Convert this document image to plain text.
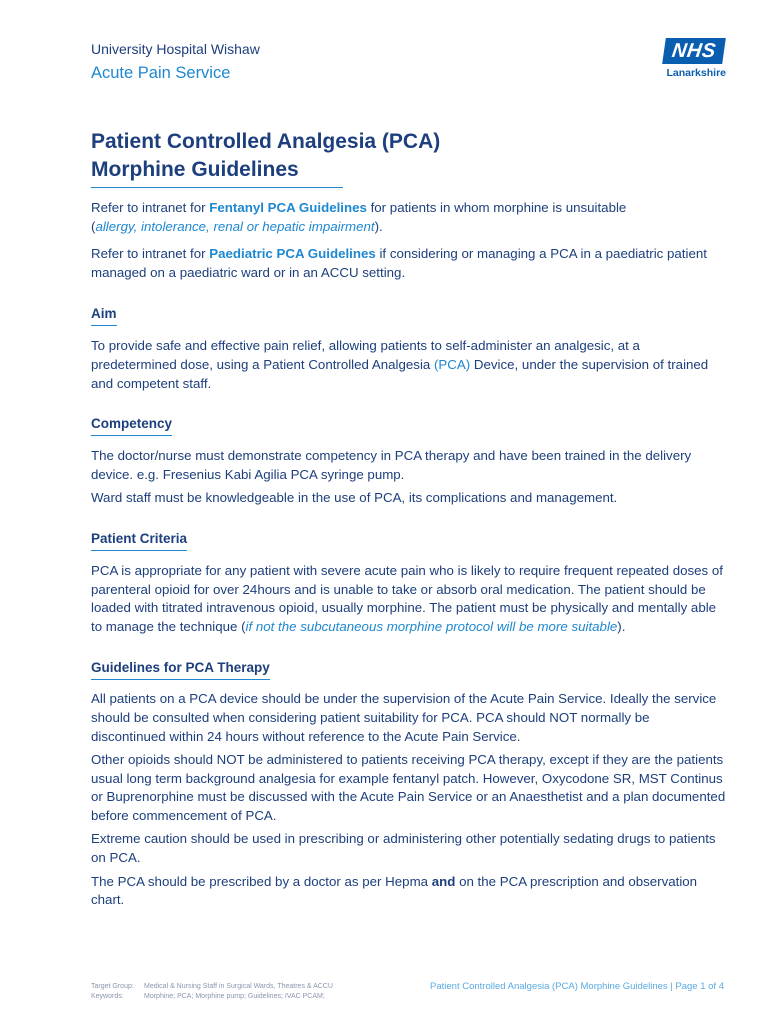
University Hospital Wishaw
Acute Pain Service
NHS
Lanarkshire
Patient Controlled Analgesia (PCA)
Morphine Guidelines

Refer to intranet for Fentanyl PCA Guidelines for patients in whom morphine is unsuitable
(allergy, intolerance, renal or hepatic impairment).

Refer to intranet for Paediatric PCA Guidelines if considering or managing a PCA in a paediatric patient managed on a paediatric ward or in an ACCU setting.

Aim

To provide safe and effective pain relief, allowing patients to self-administer an analgesic, at a predetermined dose, using a Patient Controlled Analgesia (PCA) Device, under the supervision of trained and competent staff.

Competency

The doctor/nurse must demonstrate competency in PCA therapy and have been trained in the delivery device. e.g. Fresenius Kabi Agilia PCA syringe pump.

Ward staff must be knowledgeable in the use of PCA, its complications and management.

Patient Criteria

PCA is appropriate for any patient with severe acute pain who is likely to require frequent repeated doses of parenteral opioid for over 24hours and is unable to take or absorb oral medication. The patient should be loaded with titrated intravenous opioid, usually morphine. The patient must be physically and mentally able to manage the technique (if not the subcutaneous morphine protocol will be more suitable).

Guidelines for PCA Therapy

All patients on a PCA device should be under the supervision of the Acute Pain Service. Ideally the service should be consulted when considering patient suitability for PCA. PCA should NOT normally be discontinued within 24 hours without reference to the Acute Pain Service.

Other opioids should NOT be administered to patients receiving PCA therapy, except if they are the patients usual long term background analgesia for example fentanyl patch. However, Oxycodone SR, MST Continus or Buprenorphine must be discussed with the Acute Pain Service or an Anaesthetist and a plan documented before commencement of PCA.

Extreme caution should be used in prescribing or administering other potentially sedating drugs to patients on PCA.

The PCA should be prescribed by a doctor as per Hepma and on the PCA prescription and observation chart.

Target Group: Medical & Nursing Staff in Surgical Wards, Theatres & ACCU
Keywords:	Morphine; PCA; Morphine pump; Guidelines; IVAC PCAM;
Patient Controlled Analgesia (PCA) Morphine Guidelines | Page 1 of 4
